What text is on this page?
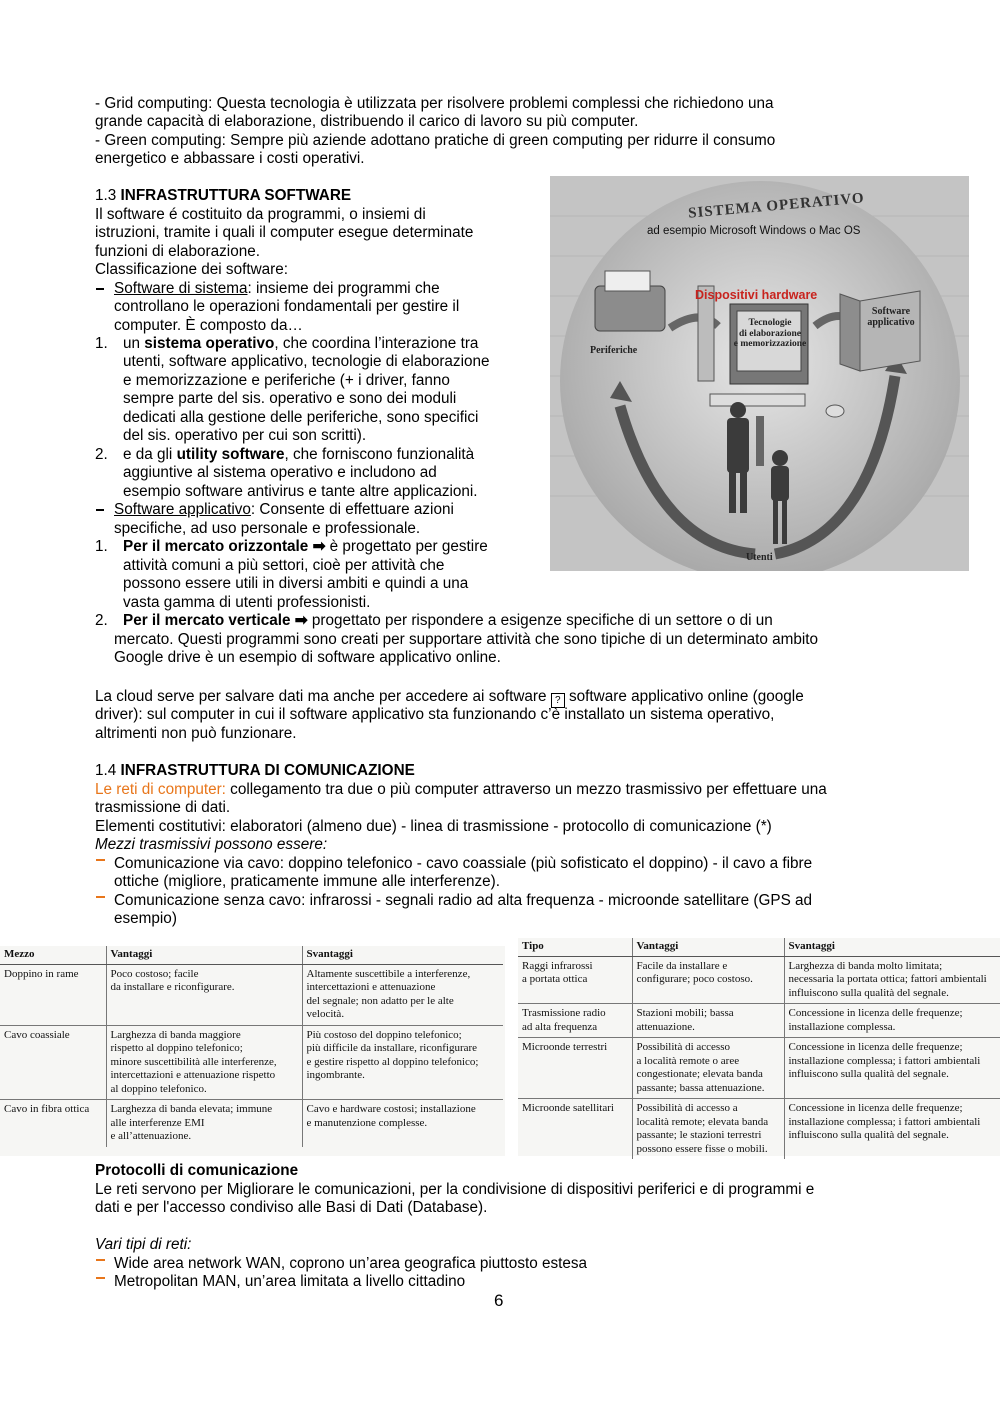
- Grid computing: Questa tecnologia è utilizzata per risolvere problemi complessi che richiedono una
grande capacità di elaborazione, distribuendo il carico di lavoro su più computer.
- Green computing: Sempre più aziende adottano pratiche di green computing per ridurre il consumo
energetico e abbassare i costi operativi.
1.3 INFRASTRUTTURA SOFTWARE
Il software é costituito da programmi, o insiemi di
istruzioni, tramite i quali il computer esegue determinate
funzioni di elaborazione.
Classificazione dei software:
Software di sistema: insieme dei programmi che
controllano le operazioni fondamentali per gestire il
computer. È composto da…
1. un sistema operativo, che coordina l’interazione tra
utenti, software applicativo, tecnologie di elaborazione
e memorizzazione e periferiche (+ i driver, fanno
sempre parte del sis. operativo e sono dei moduli
dedicati alla gestione delle periferiche, sono specifici
del sis. operativo per cui son scritti).
2. e da gli utility software, che forniscono funzionalità
aggiuntive al sistema operativo e includono ad
esempio software antivirus e tante altre applicazioni.
Software applicativo: Consente di effettuare azioni
specifiche, ad uso personale e professionale.
1. Per il mercato orizzontale ➡ è progettato per gestire
attività comuni a più settori, cioè per attività che
possono essere utili in diversi ambiti e quindi a una
vasta gamma di utenti professionisti.
2. Per il mercato verticale ➡ progettato per rispondere a esigenze specifiche di un settore o di un
mercato. Questi programmi sono creati per supportare attività che sono tipiche di un determinato ambito
Google drive è un esempio di software applicativo online.
La cloud serve per salvare dati ma anche per accedere ai software ? software applicativo online (google
driver): sul computer in cui il software applicativo sta funzionando c’è installato un sistema operativo,
altrimenti non può funzionare.
SISTEMA OPERATIVO
ad esempio Microsoft Windows o Mac OS
Dispositivi hardware
Tecnologie
di elaborazione
e memorizzazione
Periferiche
Software
applicativo
Utenti
1.4 INFRASTRUTTURA DI COMUNICAZIONE
Le reti di computer: collegamento tra due o più computer attraverso un mezzo trasmissivo per effettuare una
trasmissione di dati.
Elementi costitutivi: elaboratori (almeno due) - linea di trasmissione - protocollo di comunicazione (*)
Mezzi trasmissivi possono essere:
Comunicazione via cavo: doppino telefonico - cavo coassiale (più sofisticato el doppino) - il cavo a fibre
ottiche (migliore, praticamente immune alle interferenze).
Comunicazione senza cavo: infrarossi - segnali radio ad alta frequenza - microonde satellitare (GPS ad
esempio)
Mezzo	Vantaggi	Svantaggi
Doppino in rame	Poco costoso; facile
da installare e riconfigurare.	Altamente suscettibile a interferenze,
intercettazioni e attenuazione
del segnale; non adatto per le alte
velocità.
Cavo coassiale	Larghezza di banda maggiore
rispetto al doppino telefonico;
minore suscettibilità alle interferenze,
intercettazioni e attenuazione rispetto
al doppino telefonico.	Più costoso del doppino telefonico;
più difficile da installare, riconfigurare
e gestire rispetto al doppino telefonico;
ingombrante.
Cavo in fibra ottica	Larghezza di banda elevata; immune
alle interferenze EMI
e all’attenuazione.	Cavo e hardware costosi; installazione
e manutenzione complesse.
Tipo	Vantaggi	Svantaggi
Raggi infrarossi
a portata ottica	Facile da installare e
configurare; poco costoso.	Larghezza di banda molto limitata;
necessaria la portata ottica; fattori ambientali
influiscono sulla qualità del segnale.
Trasmissione radio
ad alta frequenza	Stazioni mobili; bassa
attenuazione.	Concessione in licenza delle frequenze;
installazione complessa.
Microonde terrestri	Possibilità di accesso
a località remote o aree
congestionate; elevata banda
passante; bassa attenuazione.	Concessione in licenza delle frequenze;
installazione complessa; i fattori ambientali
influiscono sulla qualità del segnale.
Microonde satellitari	Possibilità di accesso a
località remote; elevata banda
passante; le stazioni terrestri
possono essere fisse o mobili.	Concessione in licenza delle frequenze;
installazione complessa; i fattori ambientali
influiscono sulla qualità del segnale.
Protocolli di comunicazione
Le reti servono per Migliorare le comunicazioni, per la condivisione di dispositivi periferici e di programmi e
dati e per l'accesso condiviso alle Basi di Dati (Database).
Vari tipi di reti:
Wide area network WAN, coprono un’area geografica piuttosto estesa
Metropolitan MAN, un’area limitata a livello cittadino
6
